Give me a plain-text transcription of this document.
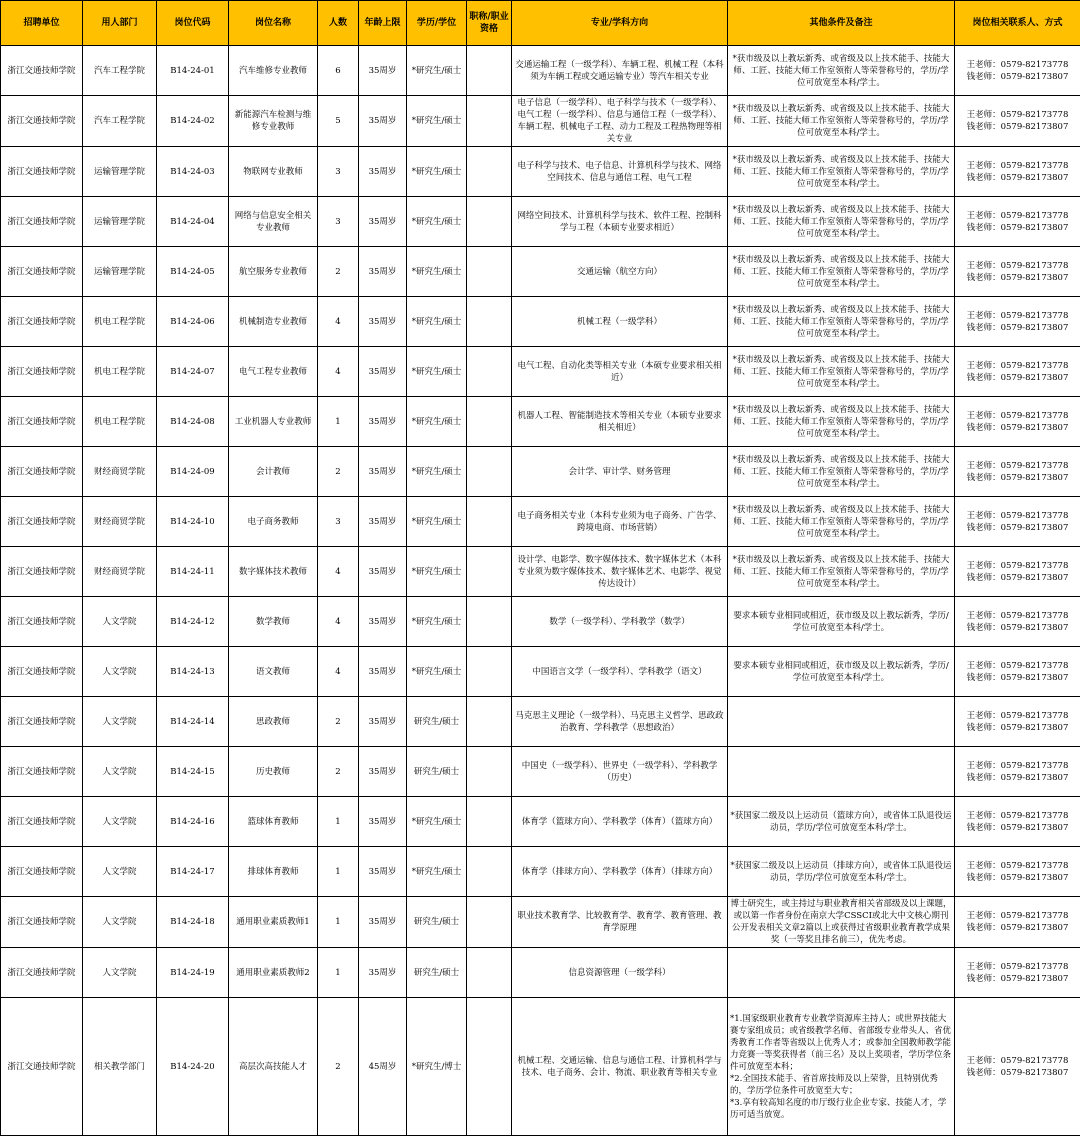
招聘单位	用人部门	岗位代码	岗位名称	人数	年龄上限	学历/学位	职称/职业资格	专业/学科方向	其他条件及备注	岗位相关联系人、方式
浙江交通技师学院	汽车工程学院	B14-24-01	汽车维修专业教师	6	35周岁	*研究生/硕士		交通运输工程（一级学科）、车辆工程、机械工程（本科须为车辆工程或交通运输专业）等汽车相关专业	*获市级及以上教坛新秀、或省级及以上技术能手、技能大师、工匠、技能大师工作室领衔人等荣誉称号的，学历/学位可放宽至本科/学士。	王老师：0579-82173778
钱老师：0579-82173807
浙江交通技师学院	汽车工程学院	B14-24-02	新能源汽车检测与维修专业教师	5	35周岁	*研究生/硕士		电子信息（一级学科）、电子科学与技术（一级学科）、电气工程（一级学科）、信息与通信工程（一级学科）、车辆工程、机械电子工程、动力工程及工程热物理等相关专业	*获市级及以上教坛新秀、或省级及以上技术能手、技能大师、工匠、技能大师工作室领衔人等荣誉称号的，学历/学位可放宽至本科/学士。	王老师：0579-82173778
钱老师：0579-82173807
浙江交通技师学院	运输管理学院	B14-24-03	物联网专业教师	3	35周岁	*研究生/硕士		电子科学与技术、电子信息、计算机科学与技术、网络空间技术、信息与通信工程、电气工程	*获市级及以上教坛新秀、或省级及以上技术能手、技能大师、工匠、技能大师工作室领衔人等荣誉称号的，学历/学位可放宽至本科/学士。	王老师：0579-82173778
钱老师：0579-82173807
浙江交通技师学院	运输管理学院	B14-24-04	网络与信息安全相关专业教师	3	35周岁	*研究生/硕士		网络空间技术、计算机科学与技术、软件工程、控制科学与工程（本硕专业要求相近）	*获市级及以上教坛新秀、或省级及以上技术能手、技能大师、工匠、技能大师工作室领衔人等荣誉称号的，学历/学位可放宽至本科/学士。	王老师：0579-82173778
钱老师：0579-82173807
浙江交通技师学院	运输管理学院	B14-24-05	航空服务专业教师	2	35周岁	*研究生/硕士		交通运输（航空方向）	*获市级及以上教坛新秀、或省级及以上技术能手、技能大师、工匠、技能大师工作室领衔人等荣誉称号的，学历/学位可放宽至本科/学士。	王老师：0579-82173778
钱老师：0579-82173807
浙江交通技师学院	机电工程学院	B14-24-06	机械制造专业教师	4	35周岁	*研究生/硕士		机械工程（一级学科）	*获市级及以上教坛新秀、或省级及以上技术能手、技能大师、工匠、技能大师工作室领衔人等荣誉称号的，学历/学位可放宽至本科/学士。	王老师：0579-82173778
钱老师：0579-82173807
浙江交通技师学院	机电工程学院	B14-24-07	电气工程专业教师	4	35周岁	*研究生/硕士		电气工程、自动化类等相关专业（本硕专业要求相关相近）	*获市级及以上教坛新秀、或省级及以上技术能手、技能大师、工匠、技能大师工作室领衔人等荣誉称号的，学历/学位可放宽至本科/学士。	王老师：0579-82173778
钱老师：0579-82173807
浙江交通技师学院	机电工程学院	B14-24-08	工业机器人专业教师	1	35周岁	*研究生/硕士		机器人工程、智能制造技术等相关专业（本硕专业要求相关相近）	*获市级及以上教坛新秀、或省级及以上技术能手、技能大师、工匠、技能大师工作室领衔人等荣誉称号的，学历/学位可放宽至本科/学士。	王老师：0579-82173778
钱老师：0579-82173807
浙江交通技师学院	财经商贸学院	B14-24-09	会计教师	2	35周岁	*研究生/硕士		会计学、审计学、财务管理	*获市级及以上教坛新秀、或省级及以上技术能手、技能大师、工匠、技能大师工作室领衔人等荣誉称号的，学历/学位可放宽至本科/学士。	王老师：0579-82173778
钱老师：0579-82173807
浙江交通技师学院	财经商贸学院	B14-24-10	电子商务教师	3	35周岁	*研究生/硕士		电子商务相关专业（本科专业须为电子商务、广告学、跨境电商、市场营销）	*获市级及以上教坛新秀、或省级及以上技术能手、技能大师、工匠、技能大师工作室领衔人等荣誉称号的，学历/学位可放宽至本科/学士。	王老师：0579-82173778
钱老师：0579-82173807
浙江交通技师学院	财经商贸学院	B14-24-11	数字媒体技术教师	4	35周岁	*研究生/硕士		设计学、电影学、数字媒体技术、数字媒体艺术（本科专业须为数字媒体技术、数字媒体艺术、电影学、视觉传达设计）	*获市级及以上教坛新秀、或省级及以上技术能手、技能大师、工匠、技能大师工作室领衔人等荣誉称号的，学历/学位可放宽至本科/学士。	王老师：0579-82173778
钱老师：0579-82173807
浙江交通技师学院	人文学院	B14-24-12	数学教师	4	35周岁	*研究生/硕士		数学（一级学科）、学科教学（数学）	要求本硕专业相同或相近，获市级及以上教坛新秀，学历/学位可放宽至本科/学士。	王老师：0579-82173778
钱老师：0579-82173807
浙江交通技师学院	人文学院	B14-24-13	语文教师	4	35周岁	*研究生/硕士		中国语言文学（一级学科）、学科教学（语文）	要求本硕专业相同或相近，获市级及以上教坛新秀，学历/学位可放宽至本科/学士。	王老师：0579-82173778
钱老师：0579-82173807
浙江交通技师学院	人文学院	B14-24-14	思政教师	2	35周岁	研究生/硕士		马克思主义理论（一级学科）、马克思主义哲学、思政政治教育、学科教学（思想政治）		王老师：0579-82173778
钱老师：0579-82173807
浙江交通技师学院	人文学院	B14-24-15	历史教师	2	35周岁	研究生/硕士		中国史（一级学科）、世界史（一级学科）、学科教学（历史）		王老师：0579-82173778
钱老师：0579-82173807
浙江交通技师学院	人文学院	B14-24-16	篮球体育教师	1	35周岁	*研究生/硕士		体育学（篮球方向）、学科教学（体育）（篮球方向）	*获国家二级及以上运动员（篮球方向），或省体工队退役运动员，学历/学位可放宽至本科/学士。	王老师：0579-82173778
钱老师：0579-82173807
浙江交通技师学院	人文学院	B14-24-17	排球体育教师	1	35周岁	*研究生/硕士		体育学（排球方向）、学科教学（体育）（排球方向）	*获国家二级及以上运动员（排球方向），或省体工队退役运动员，学历/学位可放宽至本科/学士。	王老师：0579-82173778
钱老师：0579-82173807
浙江交通技师学院	人文学院	B14-24-18	通用职业素质教师1	1	35周岁	研究生/硕士		职业技术教育学、比较教育学、教育学、教育管理、教育学原理	博士研究生，或主持过与职业教育相关省部级及以上课题，或以第一作者身份在南京大学CSSCI或北大中文核心期刊公开发表相关文章2篇以上或获得过省级职业教育教学成果奖（一等奖且排名前三），优先考虑。	王老师：0579-82173778
钱老师：0579-82173807
浙江交通技师学院	人文学院	B14-24-19	通用职业素质教师2	1	35周岁	研究生/硕士		信息资源管理（一级学科）		王老师：0579-82173778
钱老师：0579-82173807
浙江交通技师学院	相关教学部门	B14-24-20	高层次高技能人才	2	45周岁	*研究生/博士		机械工程、交通运输、信息与通信工程、计算机科学与技术、电子商务、会计、物流、职业教育等相关专业	*1.国家级职业教育专业教学资源库主持人；或世界技能大赛专家组成员；或省级教学名师、省部级专业带头人、省优秀教育工作者等省级以上优秀人才；或参加全国教师教学能力竞赛一等奖获得者（前三名）及以上奖项者，学历学位条件可放宽至本科；
*2.全国技术能手、省首席技师及以上荣誉，且特别优秀的，学历学位条件可放宽至大专；
*3.享有较高知名度的市厅级行业企业专家、技能人才，学历可适当放宽。	王老师：0579-82173778
钱老师：0579-82173807
